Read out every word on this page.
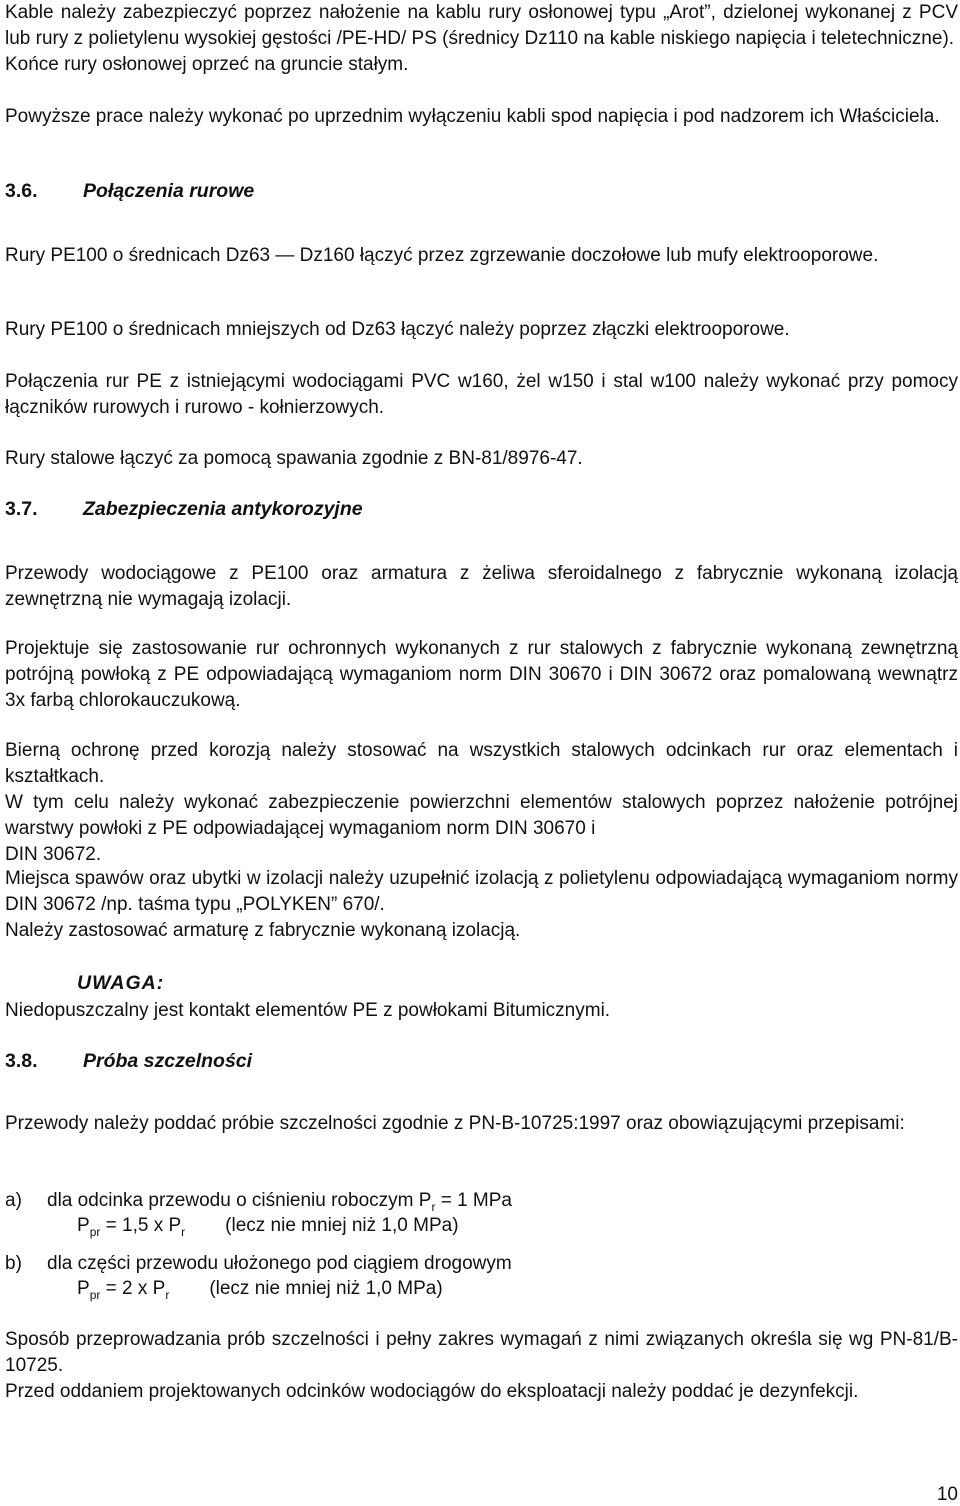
Kable należy zabezpieczyć poprzez nałożenie na kablu rury osłonowej typu „Arot”, dzielonej wykonanej z PCV lub rury z polietylenu wysokiej gęstości /PE-HD/ PS (średnicy Dz110 na kable niskiego napięcia i teletechniczne).

Końce rury osłonowej oprzeć na gruncie stałym.

Powyższe prace należy wykonać po uprzednim wyłączeniu kabli spod napięcia i pod nadzorem ich Właściciela.

3.6. Połączenia rurowe

Rury PE100 o średnicach Dz63 — Dz160 łączyć przez zgrzewanie doczołowe lub mufy elektrooporowe.

Rury PE100 o średnicach mniejszych od Dz63 łączyć należy poprzez złączki elektrooporowe.

Połączenia rur PE z istniejącymi wodociągami PVC w160, żel w150 i stal w100 należy wykonać przy pomocy łączników rurowych i rurowo - kołnierzowych.

Rury stalowe łączyć za pomocą spawania zgodnie z BN-81/8976-47.

3.7. Zabezpieczenia antykorozyjne

Przewody wodociągowe z PE100 oraz armatura z żeliwa sferoidalnego z fabrycznie wykonaną izolacją zewnętrzną nie wymagają izolacji.

Projektuje się zastosowanie rur ochronnych wykonanych z rur stalowych z fabrycznie wykonaną zewnętrzną potrójną powłoką z PE odpowiadającą wymaganiom norm DIN 30670 i DIN 30672 oraz pomalowaną wewnątrz 3x farbą chlorokauczukową.

Bierną ochronę przed korozją należy stosować na wszystkich stalowych odcinkach rur oraz elementach i kształtkach.

W tym celu należy wykonać zabezpieczenie powierzchni elementów stalowych poprzez nałożenie potrójnej warstwy powłoki z PE odpowiadającej wymaganiom norm DIN 30670 i

DIN 30672.

Miejsca spawów oraz ubytki w izolacji należy uzupełnić izolacją z polietylenu odpowiadającą wymaganiom normy DIN 30672 /np. taśma typu „POLYKEN” 670/.

Należy zastosować armaturę z fabrycznie wykonaną izolacją.

UWAGA:

Niedopuszczalny jest kontakt elementów PE z powłokami Bitumicznymi.

3.8. Próba szczelności

Przewody należy poddać próbie szczelności zgodnie z PN-B-10725:1997 oraz obowiązującymi przepisami:

a) dla odcinka przewodu o ciśnieniu roboczym $P_r = 1$ MPa
$P_{pr} = 1,5$ x $P_r$ (lecz nie mniej niż 1,0 MPa)
b) dla części przewodu ułożonego pod ciągiem drogowym
$P_{pr} = 2$ x $P_r$ (lecz nie mniej niż 1,0 MPa)

Sposób przeprowadzania prób szczelności i pełny zakres wymagań z nimi związanych określa się wg PN-81/B-10725.

Przed oddaniem projektowanych odcinków wodociągów do eksploatacji należy poddać je dezynfekcji.

10
